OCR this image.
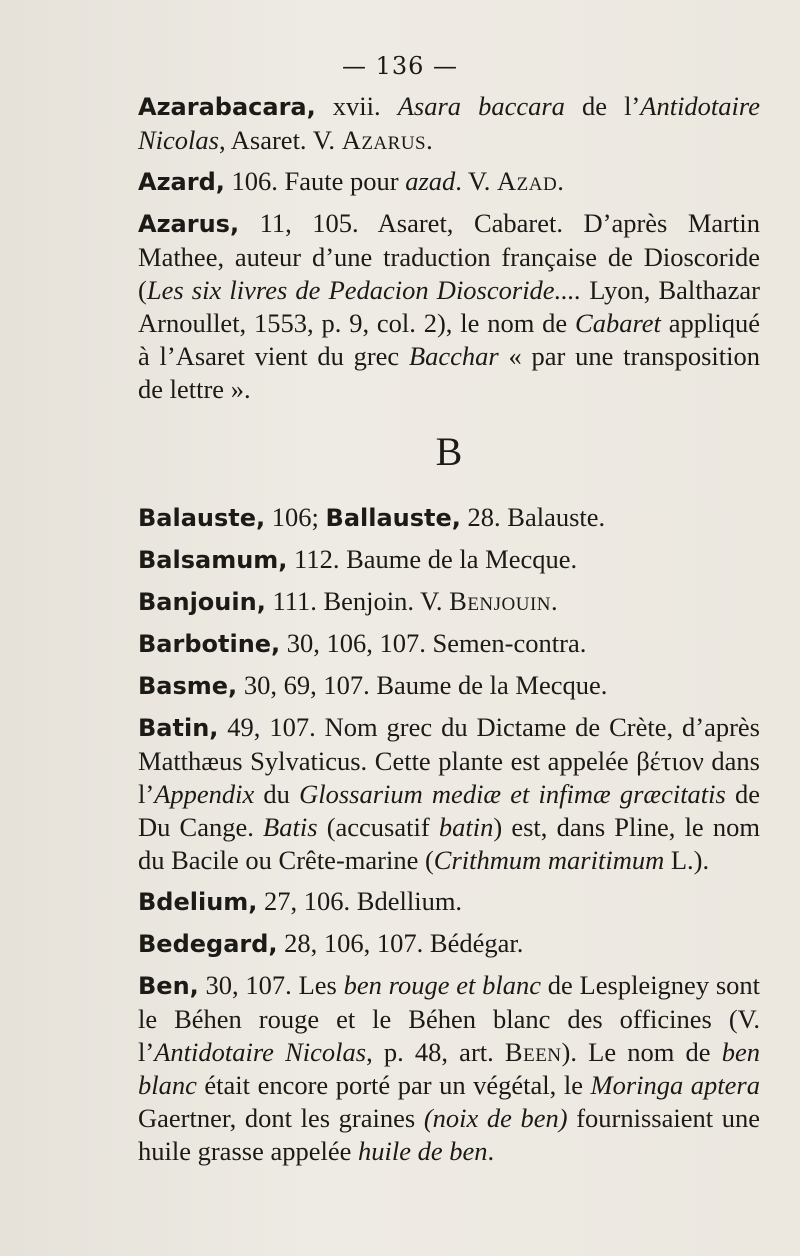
— 136 —
Azarabacara, xvii. Asara baccara de l’Antidotaire Nicolas, Asaret. V. Azarus.
Azard, 106. Faute pour azad. V. Azad.
Azarus, 11, 105. Asaret, Cabaret. D’après Martin Mathee, auteur d’une traduction française de Dioscoride (Les six livres de Pedacion Dioscoride.... Lyon, Balthazar Arnoullet, 1553, p. 9, col. 2), le nom de Cabaret appliqué à l’Asaret vient du grec Bacchar « par une transposition de lettre ».
B
Balauste, 106; Ballauste, 28. Balauste.
Balsamum, 112. Baume de la Mecque.
Banjouin, 111. Benjoin. V. Benjouin.
Barbotine, 30, 106, 107. Semen-contra.
Basme, 30, 69, 107. Baume de la Mecque.
Batin, 49, 107. Nom grec du Dictame de Crète, d’après Matthæus Sylvaticus. Cette plante est appelée βέτιον dans l’Appendix du Glossarium mediæ et infimæ græcitatis de Du Cange. Batis (accusatif batin) est, dans Pline, le nom du Bacile ou Crête-marine (Crithmum maritimum L.).
Bdelium, 27, 106. Bdellium.
Bedegard, 28, 106, 107. Bédégar.
Ben, 30, 107. Les ben rouge et blanc de Lespleigney sont le Béhen rouge et le Béhen blanc des officines (V. l’Antidotaire Nicolas, p. 48, art. Been). Le nom de ben blanc était encore porté par un végétal, le Moringa aptera Gaertner, dont les graines (noix de ben) fournissaient une huile grasse appelée huile de ben.
